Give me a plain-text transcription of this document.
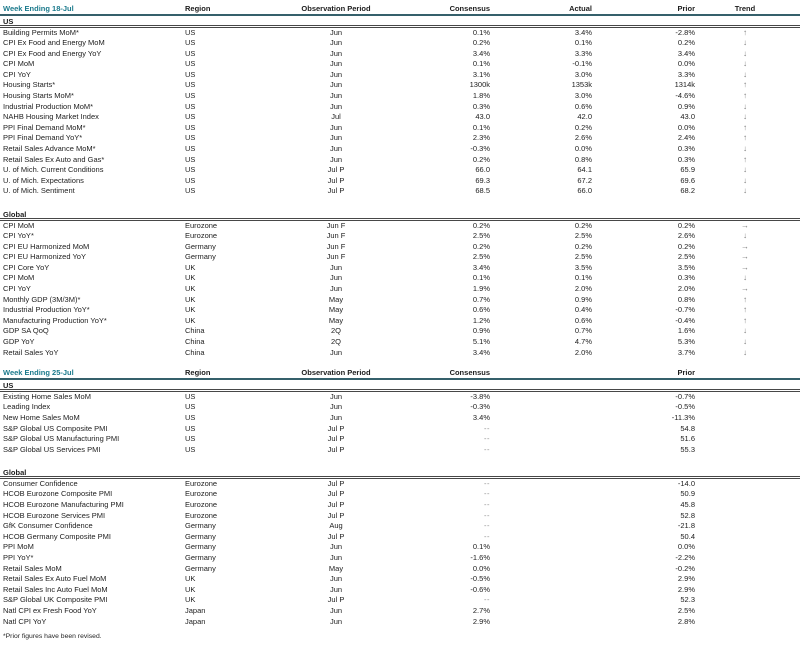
Week Ending 18-Jul	Region	Observation Period	Consensus	Actual	Prior	Trend
US
Building Permits MoM*	US	Jun	0.1%	3.4%	-2.8%	↑
CPI Ex Food and Energy MoM	US	Jun	0.2%	0.1%	0.2%	↓
CPI Ex Food and Energy YoY	US	Jun	3.4%	3.3%	3.4%	↓
CPI MoM	US	Jun	0.1%	-0.1%	0.0%	↓
CPI YoY	US	Jun	3.1%	3.0%	3.3%	↓
Housing Starts*	US	Jun	1300k	1353k	1314k	↑
Housing Starts MoM*	US	Jun	1.8%	3.0%	-4.6%	↑
Industrial Production MoM*	US	Jun	0.3%	0.6%	0.9%	↓
NAHB Housing Market Index	US	Jul	43.0	42.0	43.0	↓
PPI Final Demand MoM*	US	Jun	0.1%	0.2%	0.0%	↑
PPI Final Demand YoY*	US	Jun	2.3%	2.6%	2.4%	↑
Retail Sales Advance MoM*	US	Jun	-0.3%	0.0%	0.3%	↓
Retail Sales Ex Auto and Gas*	US	Jun	0.2%	0.8%	0.3%	↑
U. of Mich. Current Conditions	US	Jul P	66.0	64.1	65.9	↓
U. of Mich. Expectations	US	Jul P	69.3	67.2	69.6	↓
U. of Mich. Sentiment	US	Jul P	68.5	66.0	68.2	↓
Global
CPI MoM	Eurozone	Jun F	0.2%	0.2%	0.2%	→
CPI YoY*	Eurozone	Jun F	2.5%	2.5%	2.6%	↓
CPI EU Harmonized MoM	Germany	Jun F	0.2%	0.2%	0.2%	→
CPI EU Harmonized YoY	Germany	Jun F	2.5%	2.5%	2.5%	→
CPI Core YoY	UK	Jun	3.4%	3.5%	3.5%	→
CPI MoM	UK	Jun	0.1%	0.1%	0.3%	↓
CPI YoY	UK	Jun	1.9%	2.0%	2.0%	→
Monthly GDP (3M/3M)*	UK	May	0.7%	0.9%	0.8%	↑
Industrial Production YoY*	UK	May	0.6%	0.4%	-0.7%	↑
Manufacturing Production YoY*	UK	May	1.2%	0.6%	-0.4%	↑
GDP SA QoQ	China	2Q	0.9%	0.7%	1.6%	↓
GDP YoY	China	2Q	5.1%	4.7%	5.3%	↓
Retail Sales YoY	China	Jun	3.4%	2.0%	3.7%	↓
Week Ending 25-Jul	Region	Observation Period	Consensus	Prior
US
Existing Home Sales MoM	US	Jun	-3.8%	-0.7%
Leading Index	US	Jun	-0.3%	-0.5%
New Home Sales MoM	US	Jun	3.4%	-11.3%
S&P Global US Composite PMI	US	Jul P	--	54.8
S&P Global US Manufacturing PMI	US	Jul P	--	51.6
S&P Global US Services PMI	US	Jul P	--	55.3
Global
Consumer Confidence	Eurozone	Jul P	--	-14.0
HCOB Eurozone Composite PMI	Eurozone	Jul P	--	50.9
HCOB Eurozone Manufacturing PMI	Eurozone	Jul P	--	45.8
HCOB Eurozone Services PMI	Eurozone	Jul P	--	52.8
GfK Consumer Confidence	Germany	Aug	--	-21.8
HCOB Germany Composite PMI	Germany	Jul P	--	50.4
PPI MoM	Germany	Jun	0.1%	0.0%
PPI YoY*	Germany	Jun	-1.6%	-2.2%
Retail Sales MoM	Germany	May	0.0%	-0.2%
Retail Sales Ex Auto Fuel MoM	UK	Jun	-0.5%	2.9%
Retail Sales Inc Auto Fuel MoM	UK	Jun	-0.6%	2.9%
S&P Global UK Composite PMI	UK	Jul P	--	52.3
Natl CPI ex Fresh Food YoY	Japan	Jun	2.7%	2.5%
Natl CPI YoY	Japan	Jun	2.9%	2.8%
*Prior figures have been revised.
